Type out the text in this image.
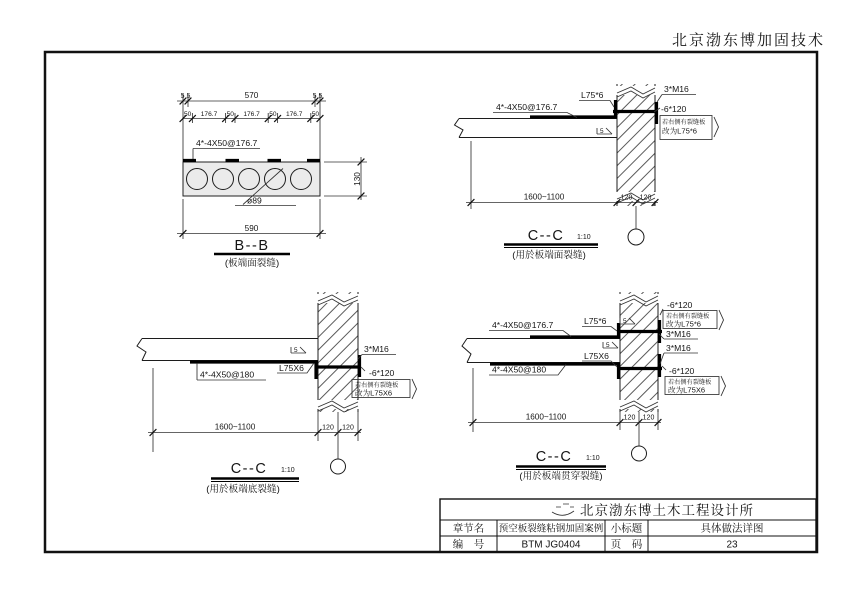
北京渤东博加固技术
5 5	570	5 5
50 176.7 50 176.7 50 176.7 50
130
590
4*-4X50@176.7
ø89
B--B
(板端面裂缝)
5
4*-4X50@176.7
L75*6
3*M16
-6*120
若右侧有裂缝板
改为L75*6
1600~1100	120 120
C--C 1:10
(用於板端面裂缝)
5
L75X6
4*-4X50@180
3*M16
-6*120
若右侧有裂缝板
改为L75X6
1600~1100	120 120
C--C 1:10
(用於板端底裂缝)
5
5
4*-4X50@176.7	L75*6
-6*120
若右侧有裂缝板
改为L75*6
3*M16
3*M16
-6*120
若右侧有裂缝板
改为L75X6
L75X6
4*-4X50@180
1600~1100	120 120
C--C 1:10
(用於板端贯穿裂缝)
北京渤东博土木工程设计所
章节名 预空板裂缝粘钢加固案例 小标题	具体做法详图
编　号	BTM JG0404	页　码	23
